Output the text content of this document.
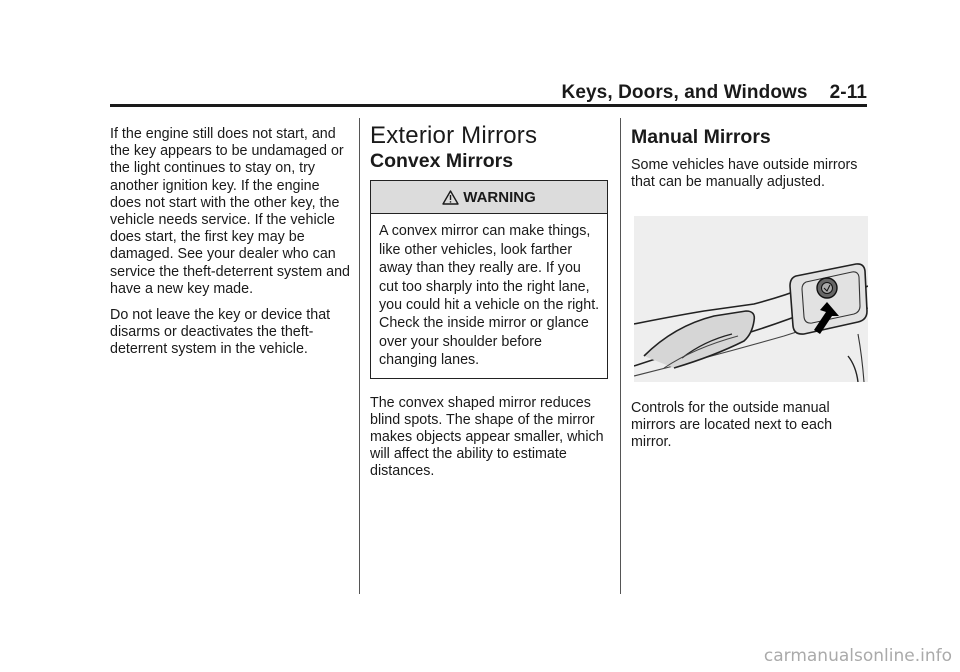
Keys, Doors, and Windows 2-11

If the engine still does not start, and the key appears to be undamaged or the light continues to stay on, try another ignition key. If the engine does not start with the other key, the vehicle needs service. If the vehicle does start, the first key may be damaged. See your dealer who can service the theft-deterrent system and have a new key made.

Do not leave the key or device that disarms or deactivates the theft-deterrent system in the vehicle.

Exterior Mirrors
Convex Mirrors
WARNING
A convex mirror can make things, like other vehicles, look farther away than they really are. If you cut too sharply into the right lane, you could hit a vehicle on the right. Check the inside mirror or glance over your shoulder before changing lanes.

The convex shaped mirror reduces blind spots. The shape of the mirror makes objects appear smaller, which will affect the ability to estimate distances.

Manual Mirrors

Some vehicles have outside mirrors that can be manually adjusted.

Controls for the outside manual mirrors are located next to each mirror.

carmanualsonline.info
